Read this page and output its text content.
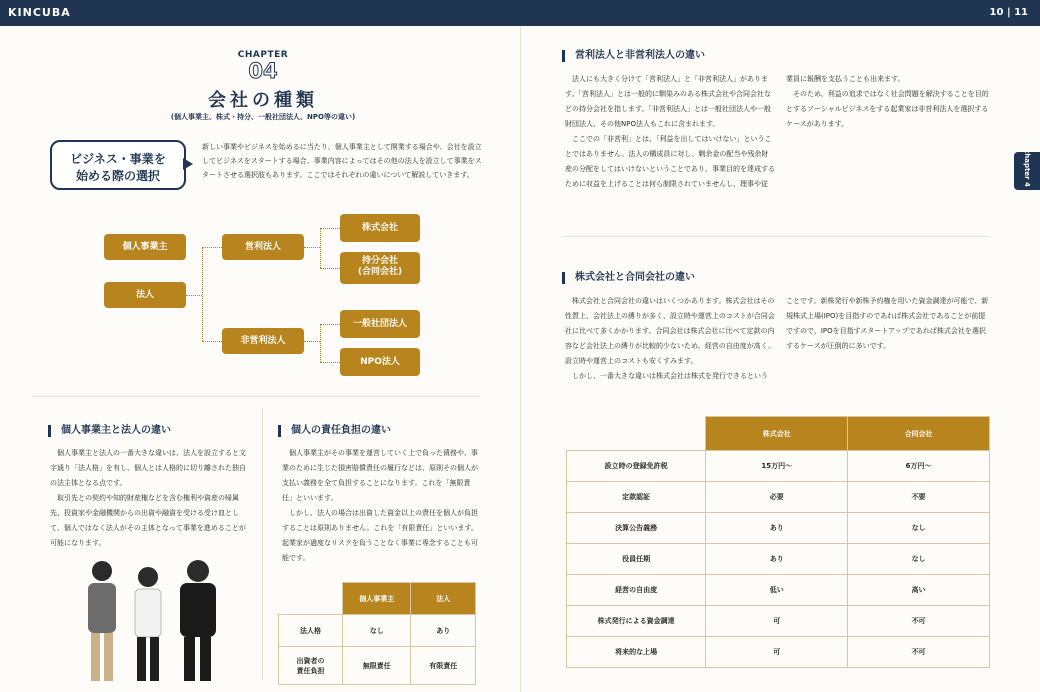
KINCUBA	10 | 11
chapter 4
CHAPTER
04
会社の種類
(個人事業主、株式・持分、一般社団法人、NPO等の違い)
ビジネス・事業を
始める際の選択
新しい事業やビジネスを始めるに当たり、個人事業主として開業する場合や、会社を設立してビジネスをスタートする場合、事業内容によってはその他の法人を設立して事業をスタートさせる選択肢もあります。ここではそれぞれの違いについて解説していきます。
個人事業主
法人
営利法人
非営利法人
株式会社
持分会社
(合同会社)
一般社団法人
NPO法人
個人事業主と法人の違い

個人事業主と法人の一番大きな違いは、法人を設立すると文字通り「法人格」を有し、個人とは人格的に切り離された独自の法主体となる点です。

取引先との契約や知的財産権などを含む権利や資産の帰属先、投資家や金融機関からの出資や融資を受ける受け皿として、個人ではなく法人がその主体となって事業を進めることが可能になります。

個人の責任負担の違い

個人事業主がその事業を運営していく上で負った債務や、事業のために生じた損害賠償責任の履行などは、原則その個人が支払い義務を全て負担することになります。これを「無限責任」といいます。

しかし、法人の場合は出資した資金以上の責任を個人が負担することは原則ありません。これを「有限責任」といいます。起業家が過度なリスクを負うことなく事業に専念することも可能です。

	個人事業主	法人
法人格	なし	あり

出資者の
責任負担	無限責任	有限責任
営利法人と非営利法人の違い

法人にも大きく分けて「営利法人」と「非営利法人」があります。「営利法人」とは一般的に馴染みのある株式会社や合同会社などの持分会社を指します。「非営利法人」とは一般社団法人や一般財団法人、その他NPO法人もこれに含まれます。

ここでの「非営利」とは、「利益を出してはいけない」ということではありません。法人の構成員に対し、剰余金の配当や残余財産の分配をしてはいけないということであり、事業目的を達成するために収益を上げることは何ら制限されていませんし、理事や従

業員に報酬を支払うことも出来ます。

そのため、利益の追求ではなく社会問題を解決することを目的とするソーシャルビジネスをする起業家は非営利法人を選択するケースがあります。

株式会社と合同会社の違い

株式会社と合同会社の違いはいくつかあります。株式会社はその性質上、会社法上の縛りが多く、設立時や運営上のコストが合同会社に比べて多くかかります。合同会社は株式会社に比べて定款の内容など会社法上の縛りが比較的少ないため、経営の自由度が高く、設立時や運営上のコストも安くすみます。

しかし、一番大きな違いは株式会社は株式を発行できるという

ことです。新株発行や新株予約権を用いた資金調達が可能で、新規株式上場(IPO)を目指すのであれば株式会社であることが前提ですので、IPOを目指すスタートアップであれば株式会社を選択するケースが圧倒的に多いです。

	株式会社	合同会社
設立時の登録免許税	15万円〜	6万円〜
定款認証	必要	不要
決算公告義務	あり	なし
役員任期	あり	なし
経営の自由度	低い	高い
株式発行による資金調達	可	不可
将来的な上場	可	不可
